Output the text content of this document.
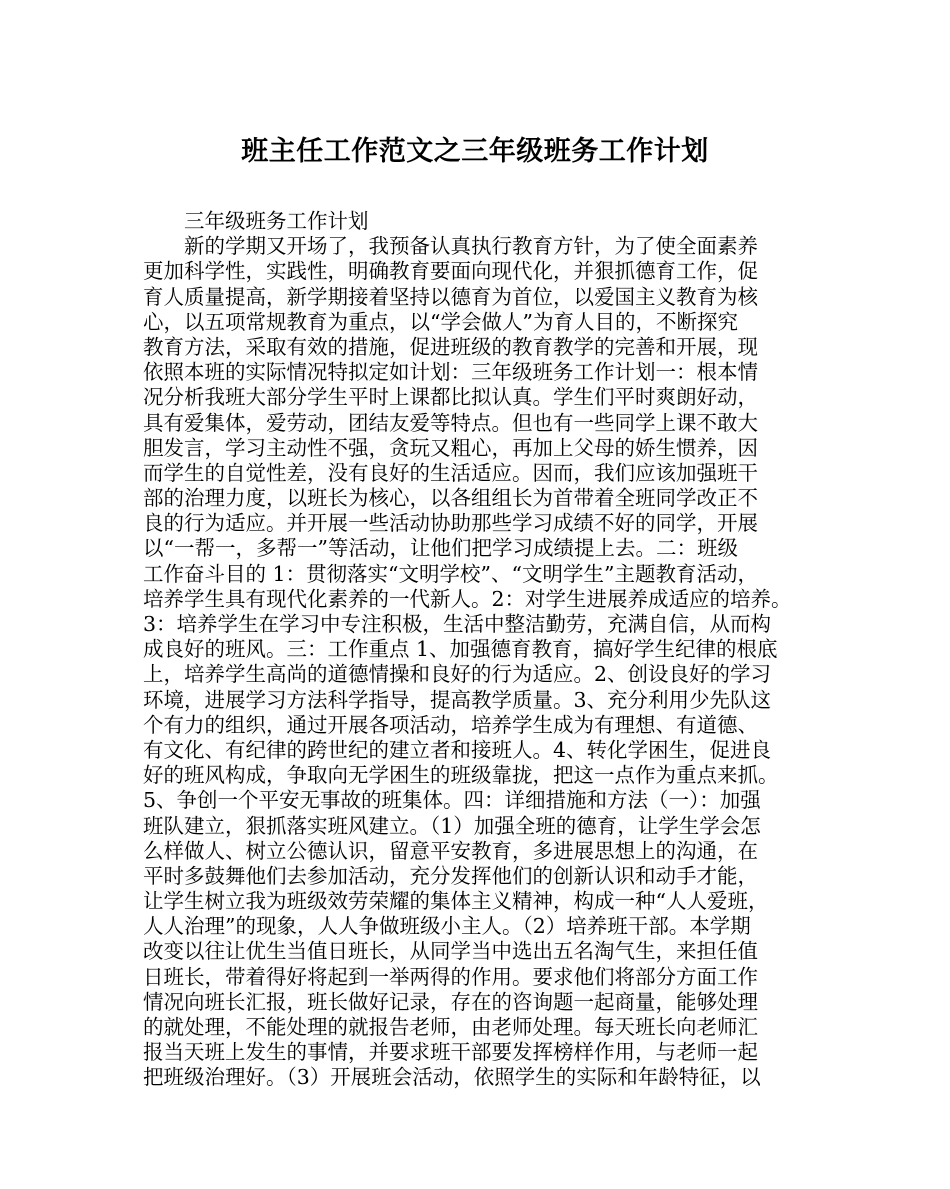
班主任工作范文之三年级班务工作计划
三年级班务工作计划
新的学期又开场了，我预备认真执行教育方针，为了使全面素养
更加科学性，实践性，明确教育要面向现代化，并狠抓德育工作，促
育人质量提高，新学期接着坚持以德育为首位，以爱国主义教育为核
心，以五项常规教育为重点，以“学会做人”为育人目的，不断探究
教育方法，采取有效的措施，促进班级的教育教学的完善和开展，现
依照本班的实际情况特拟定如计划：三年级班务工作计划一：根本情
况分析我班大部分学生平时上课都比拟认真。学生们平时爽朗好动，
具有爱集体，爱劳动，团结友爱等特点。但也有一些同学上课不敢大
胆发言，学习主动性不强，贪玩又粗心，再加上父母的娇生惯养，因
而学生的自觉性差，没有良好的生活适应。因而，我们应该加强班干
部的治理力度，以班长为核心，以各组组长为首带着全班同学改正不
良的行为适应。并开展一些活动协助那些学习成绩不好的同学，开展
以“一帮一，多帮一”等活动，让他们把学习成绩提上去。二：班级
工作奋斗目的 1：贯彻落实“文明学校”、“文明学生”主题教育活动，
培养学生具有现代化素养的一代新人。2：对学生进展养成适应的培养。
3：培养学生在学习中专注积极，生活中整洁勤劳，充满自信，从而构
成良好的班风。三：工作重点 1、加强德育教育，搞好学生纪律的根底
上，培养学生高尚的道德情操和良好的行为适应。2、创设良好的学习
环境，进展学习方法科学指导，提高教学质量。3、充分利用少先队这
个有力的组织，通过开展各项活动，培养学生成为有理想、有道德、
有文化、有纪律的跨世纪的建立者和接班人。4、转化学困生，促进良
好的班风构成，争取向无学困生的班级靠拢，把这一点作为重点来抓。
5、争创一个平安无事故的班集体。四：详细措施和方法（一）：加强
班队建立，狠抓落实班风建立。（1）加强全班的德育，让学生学会怎
么样做人、树立公德认识，留意平安教育，多进展思想上的沟通，在
平时多鼓舞他们去参加活动，充分发挥他们的创新认识和动手才能，
让学生树立我为班级效劳荣耀的集体主义精神，构成一种“人人爱班，
人人治理”的现象，人人争做班级小主人。（2）培养班干部。本学期
改变以往让优生当值日班长，从同学当中选出五名淘气生，来担任值
日班长，带着得好将起到一举两得的作用。要求他们将部分方面工作
情况向班长汇报，班长做好记录，存在的咨询题一起商量，能够处理
的就处理，不能处理的就报告老师，由老师处理。每天班长向老师汇
报当天班上发生的事情，并要求班干部要发挥榜样作用，与老师一起
把班级治理好。（3）开展班会活动，依照学生的实际和年龄特征，以
